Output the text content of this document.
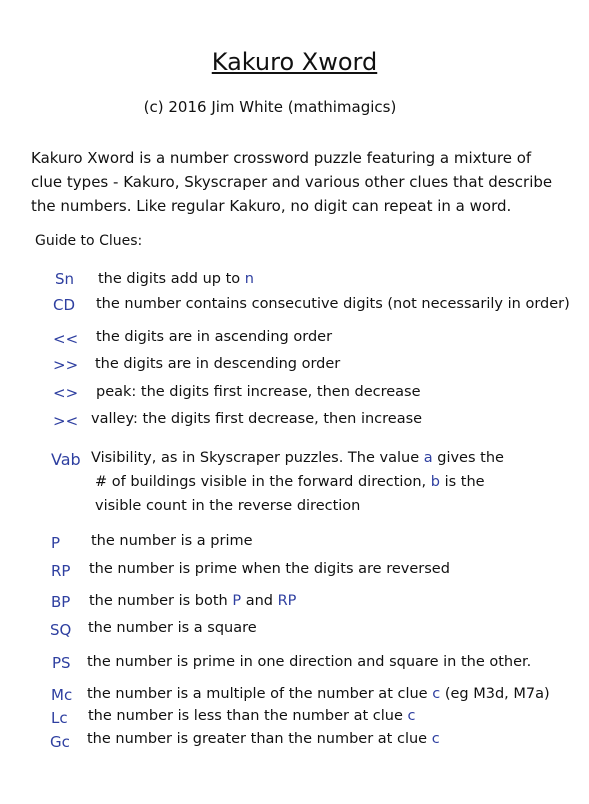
Kakuro Xword
(c) 2016 Jim White (mathimagics)
Kakuro Xword is a number crossword puzzle featuring a mixture of
clue types - Kakuro, Skyscraper and various other clues that describe
the numbers. Like regular Kakuro, no digit can repeat in a word.
Guide to Clues:
Sn the digits add up to n
CD the number contains consecutive digits (not necessarily in order)
<< the digits are in ascending order
>> the digits are in descending order
<> peak: the digits first increase, then decrease
>< valley: the digits first decrease, then increase
Vab Visibility, as in Skyscraper puzzles. The value a gives the
# of buildings visible in the forward direction, b is the
visible count in the reverse direction
P the number is a prime
RP the number is prime when the digits are reversed
BP the number is both P and RP
SQ the number is a square
PS the number is prime in one direction and square in the other.
Mc the number is a multiple of the number at clue c (eg M3d, M7a)
Lc the number is less than the number at clue c
Gc the number is greater than the number at clue c
